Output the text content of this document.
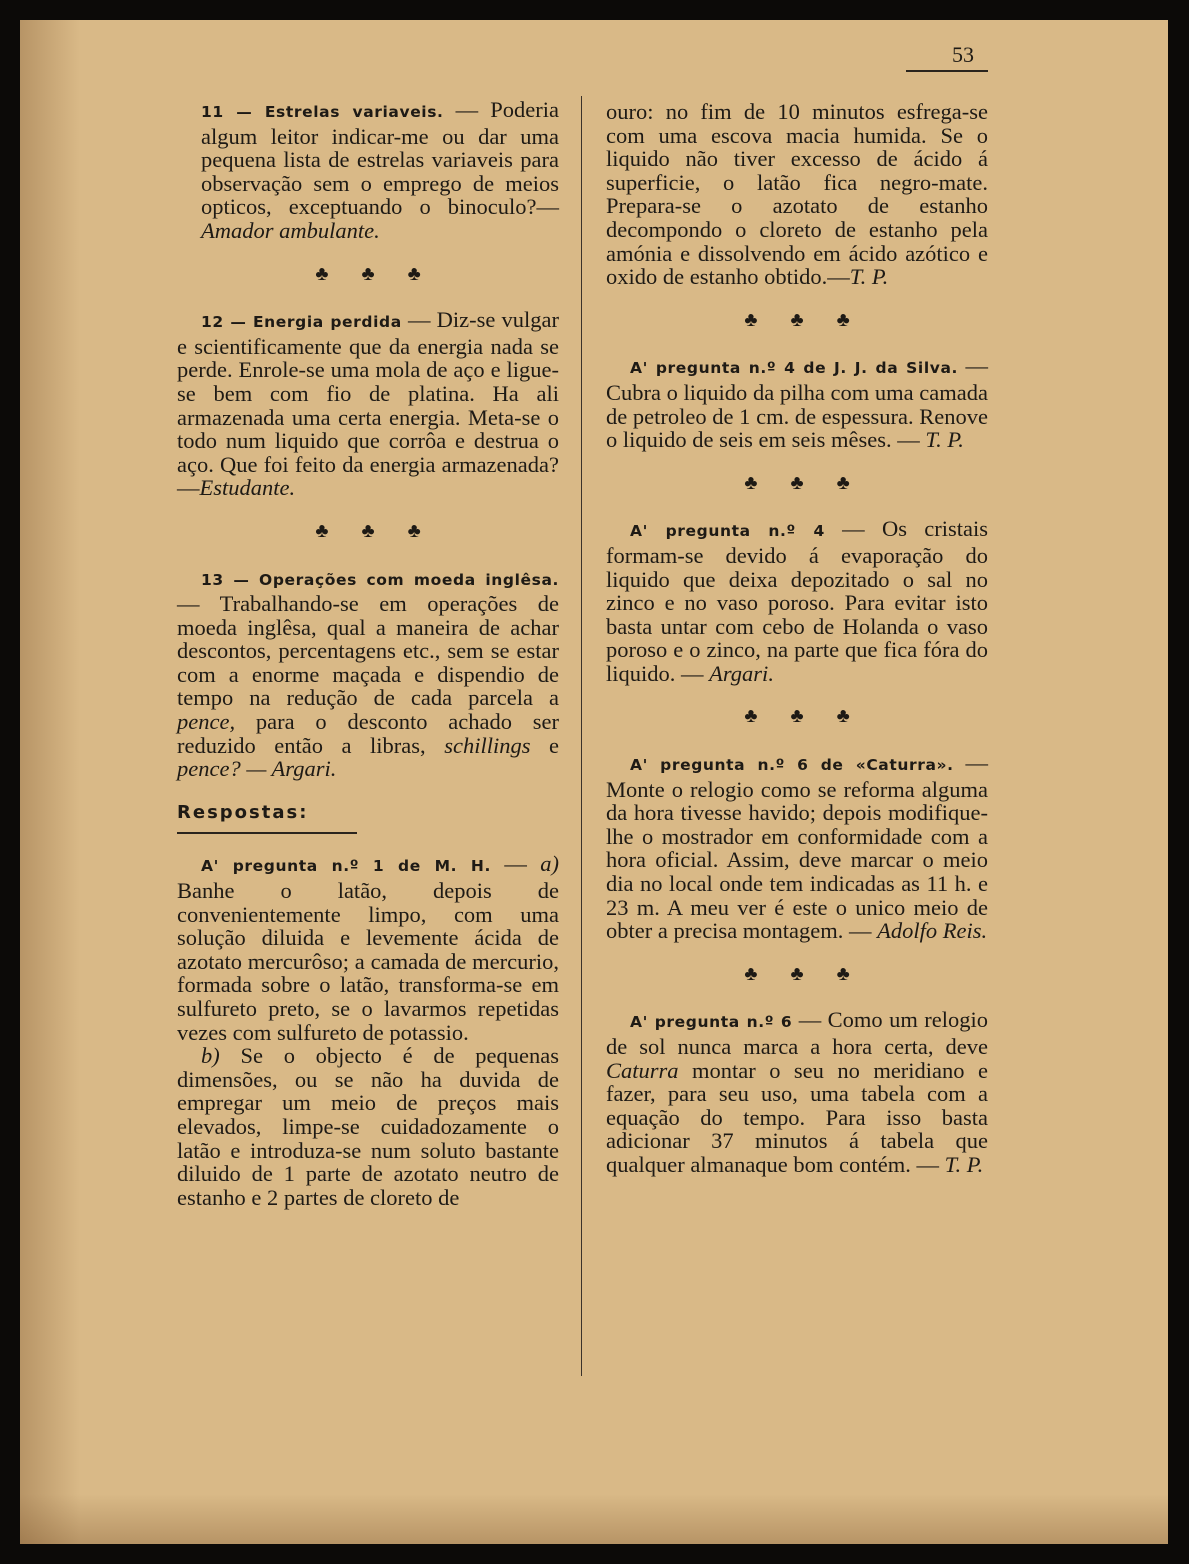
53

11 — Estrelas variaveis. — Poderia algum leitor indicar-me ou dar uma pequena lista de estrelas variaveis para observação sem o emprego de meios opticos, exceptuando o binoculo?—Amador ambulante.

♣ ♣ ♣

12 — Energia perdida — Diz-se vulgar e scientificamente que da energia nada se perde. Enrole-se uma mola de aço e ligue-se bem com fio de platina. Ha ali armazenada uma certa energia. Meta-se o todo num liquido que corrôa e destrua o aço. Que foi feito da energia armazenada?—Estudante.

♣ ♣ ♣

13 — Operações com moeda inglêsa. — Trabalhando-se em operações de moeda inglêsa, qual a maneira de achar descontos, percentagens etc., sem se estar com a enorme maçada e dispendio de tempo na redução de cada parcela a pence, para o desconto achado ser reduzido então a libras, schillings e pence? — Argari.

Respostas:

A' pregunta n.º 1 de M. H. — a) Banhe o latão, depois de convenientemente limpo, com uma solução diluida e levemente ácida de azotato mercurôso; a camada de mercurio, formada sobre o latão, transforma-se em sulfureto preto, se o lavarmos repetidas vezes com sulfureto de potassio.

b) Se o objecto é de pequenas dimensões, ou se não ha duvida de empregar um meio de preços mais elevados, limpe-se cuidadozamente o latão e introduza-se num soluto bastante diluido de 1 parte de azotato neutro de estanho e 2 partes de cloreto de

ouro: no fim de 10 minutos esfrega-se com uma escova macia humida. Se o liquido não tiver excesso de ácido á superficie, o latão fica negro-mate. Prepara-se o azotato de estanho decompondo o cloreto de estanho pela amónia e dissolvendo em ácido azótico e oxido de estanho obtido.—T. P.

♣ ♣ ♣

A' pregunta n.º 4 de J. J. da Silva. — Cubra o liquido da pilha com uma camada de petroleo de 1 cm. de espessura. Renove o liquido de seis em seis mêses. — T. P.

♣ ♣ ♣

A' pregunta n.º 4 — Os cristais formam-se devido á evaporação do liquido que deixa depozitado o sal no zinco e no vaso poroso. Para evitar isto basta untar com cebo de Holanda o vaso poroso e o zinco, na parte que fica fóra do liquido. — Argari.

♣ ♣ ♣

A' pregunta n.º 6 de «Caturra». — Monte o relogio como se reforma alguma da hora tivesse havido; depois modifique-lhe o mostrador em conformidade com a hora oficial. Assim, deve marcar o meio dia no local onde tem indicadas as 11 h. e 23 m. A meu ver é este o unico meio de obter a precisa montagem. — Adolfo Reis.

♣ ♣ ♣

A' pregunta n.º 6 — Como um relogio de sol nunca marca a hora certa, deve Caturra montar o seu no meridiano e fazer, para seu uso, uma tabela com a equação do tempo. Para isso basta adicionar 37 minutos á tabela que qualquer almanaque bom contém. — T. P.
